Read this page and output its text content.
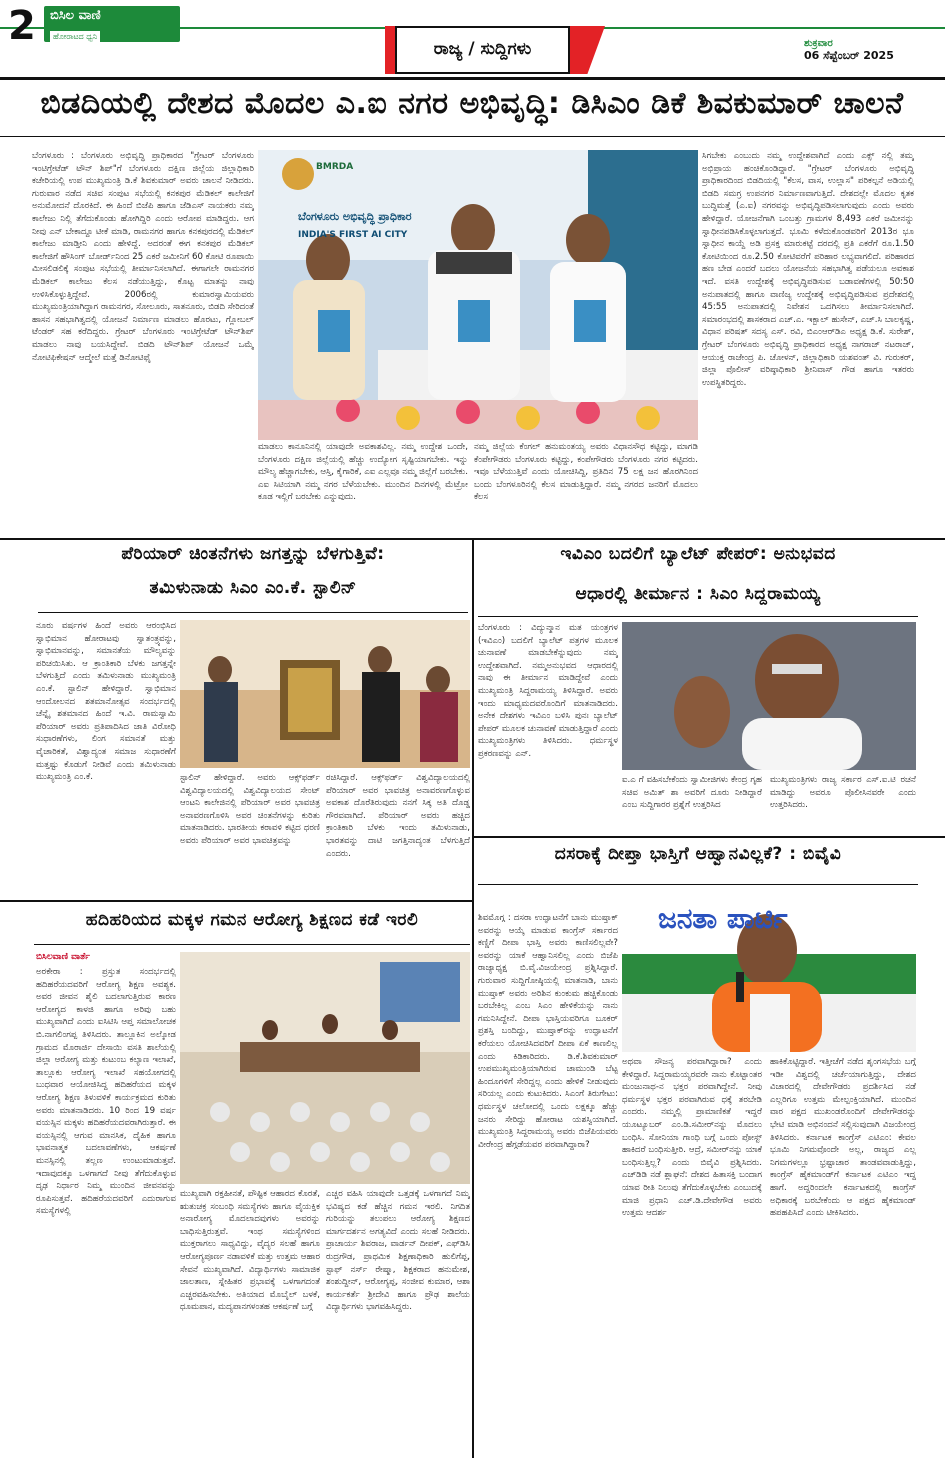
2 ಬಿಸಿಲ ವಾಣಿ
ಹೋರಾಟದ ಧ್ವನಿ
ರಾಜ್ಯ / ಸುದ್ದಿಗಳು	ಶುಕ್ರವಾರ
06 ಸೆಪ್ಟೆಂಬರ್ 2025
ಬಿಡದಿಯಲ್ಲಿ ದೇಶದ ಮೊದಲ ಎ.ಐ ನಗರ ಅಭಿವೃದ್ಧಿ: ಡಿಸಿಎಂ ಡಿಕೆ ಶಿವಕುಮಾರ್ ಚಾಲನೆ
ಬೆಂಗಳೂರು : ಬೆಂಗಳೂರು ಅಭಿವೃದ್ಧಿ ಪ್ರಾಧಿಕಾರದ "ಗ್ರೇಟರ್ ಬೆಂಗಳೂರು ಇಂಟಿಗ್ರೇಟೆಡ್ ಟೌನ್ ಶಿಪ್"ಗೆ ಬೆಂಗಳೂರು ದಕ್ಷಿಣ ಜಿಲ್ಲೆಯ ಜಿಲ್ಲಾಧಿಕಾರಿ ಕಚೇರಿಯಲ್ಲಿ ಉಪ ಮುಖ್ಯಮಂತ್ರಿ ಡಿ.ಕೆ ಶಿವಕುಮಾರ್ ಅವರು ಚಾಲನೆ ನೀಡಿದರು. ಗುರುವಾರ ನಡೆದ ಸಚಿವ ಸಂಪುಟ ಸಭೆಯಲ್ಲಿ ಕನಕಪುರ ಮೆಡಿಕಲ್ ಕಾಲೇಜಿಗೆ ಅನುಮೋದನೆ ದೊರಕಿದೆ. ಈ ಹಿಂದೆ ಬಿಜೆಪಿ ಹಾಗೂ ಜೆಡಿಎಸ್ ನಾಯಕರು ನಮ್ಮ ಕಾಲೇಜು ನಿಲ್ಲಿ ತೆಗೆದುಕೊಂಡು ಹೋಗಿದ್ದಿರಿ ಎಂದು ಆರೋಪ ಮಾಡಿದ್ದರು. ಆಗ ನೀವು ಎನ್ ಬೇಕಾದ್ದೂ ಟೀಕೆ ಮಾಡಿ, ರಾಮನಗರ ಹಾಗೂ ಕನಕಪುರದಲ್ಲಿ ಮೆಡಿಕಲ್ ಕಾಲೇಜು ಮಾಡ್ತೀನಿ ಎಂದು ಹೇಳಿದ್ದೆ. ಅದರಂತೆ ಈಗ ಕನಕಪುರ ಮೆಡಿಕಲ್ ಕಾಲೇಜಿಗೆ ಹೌಸಿಂಗ್ ಬೋರ್ಡ್‌ನಿಂದ 25 ಎಕರೆ ಜಮೀನಿಗೆ 60 ಕೋಟಿ ರೂಪಾಯಿ ಮೀಸಲಿಡಲಿಕ್ಕೆ ಸಂಪುಟ ಸಭೆಯಲ್ಲಿ ತೀರ್ಮಾನಿಸಲಾಗಿದೆ. ಈಗಾಗಲೇ ರಾಮನಗರ ಮೆಡಿಕಲ್ ಕಾಲೇಜು ಕೆಲಸ ನಡೆಯುತ್ತಿದ್ದು, ಕೊಟ್ಟ ಮಾತನ್ನು ನಾವು ಉಳಿಸಿಕೊಳ್ಳುತ್ತಿದ್ದೇವೆ. 2006ರಲ್ಲಿ ಕುಮಾರಸ್ವಾಮಿಯವರು ಮುಖ್ಯಮಂತ್ರಿಯಾಗಿದ್ದಾಗ ರಾಮನಗರ, ಸೋಲೂರು, ಸಾತನೂರು, ಬಿಡದಿ ಸೇರಿದಂತೆ ಹಾಸನ ಸಹಭಾಗಿತ್ವದಲ್ಲಿ ಯೋಜನೆ ನಿರ್ಮಾಣ ಮಾಡಲು ಹೊರಟು, ಗ್ಲೋಬಲ್ ಟೆಂಡರ್ ಸಹ ಕರೆದಿದ್ದರು. ಗ್ರೇಟರ್ ಬೆಂಗಳೂರು ಇಂಟಿಗ್ರೇಟೆಡ್ ಟೌನ್‌ಶಿಪ್ ಮಾಡಲು ನಾವು ಬಯಸಿದ್ದೇವೆ. ಬಿಡದಿ ಟೌನ್‌ಶಿಪ್ ಯೋಜನೆ ಒಮ್ಮೆ ನೋಟಿಫಿಕೇಷನ್ ಆದ್ಮೇಲೆ ಮತ್ತೆ ಡಿನೋಟಿಫೈ
BMRDA
ಬೆಂಗಳೂರು ಅಭಿವೃದ್ಧಿ ಪ್ರಾಧಿಕಾರ
INDIA'S FIRST AI CITY
ಮಾಡಲು ಕಾನೂನಿನಲ್ಲಿ ಯಾವುದೇ ಅವಕಾಶವಿಲ್ಲ. ನಮ್ಮ ಉದ್ದೇಶ ಒಂದೇ, ಬೆಂಗಳೂರು ದಕ್ಷಿಣ ಜಿಲ್ಲೆಯಲ್ಲಿ ಹೆಚ್ಚು ಉದ್ಯೋಗ ಸೃಷ್ಟಿಯಾಗಬೇಕು. ಇನ್ನು ಮೌಲ್ಯ ಹೆಚ್ಚಾಗಬೇಕು, ಆಸ್ತಿ, ಕೈಗಾರಿಕೆ, ಎಐ ಎಲ್ಲವೂ ನಮ್ಮ ಜಿಲ್ಲೆಗೆ ಬರಬೇಕು. ಎಐ ಸಿಟಿಯಾಗಿ ನಮ್ಮ ನಗರ ಬೆಳೆಯಬೇಕು. ಮುಂದಿನ ದಿನಗಳಲ್ಲಿ ಮೆಟ್ರೋ ಕೂಡ ಇಲ್ಲಿಗೆ ಬರಬೇಕು ಎನ್ನುವುದು.
ನಮ್ಮ ಜಿಲ್ಲೆಯ ಕೆಂಗಲ್ ಹನುಮಂತಯ್ಯ ಅವರು ವಿಧಾನಸೌಧ ಕಟ್ಟಿದ್ದು, ಮಾಗಡಿ ಕೆಂಪೇಗೌಡರು ಬೆಂಗಳೂರು ಕಟ್ಟಿದ್ದು, ಕಂಪೇಗೌಡರು ಬೆಂಗಳೂರು ನಗರ ಕಟ್ಟಿದರು. ಇವೂ ಬೆಳೆಯುತ್ತಿವೆ ಎಂದು ಯೋಚಿಸಿದ್ದಿ, ಪ್ರತಿದಿನ 75 ಲಕ್ಷ ಜನ ಹೊರಗಿನಿಂದ ಬಂದು ಬೆಂಗಳೂರಿನಲ್ಲಿ ಕೆಲಸ ಮಾಡುತ್ತಿದ್ದಾರೆ. ನಮ್ಮ ನಗರದ ಜನರಿಗೆ ಮೊದಲು ಕೆಲಸ
ಸಿಗಬೇಕು ಎಂಬುದು ನಮ್ಮ ಉದ್ದೇಶವಾಗಿದೆ ಎಂದು ಎಕ್ಸ್ ನಲ್ಲಿ ತಮ್ಮ ಅಭಿಪ್ರಾಯ ಹಂಚಿಕೊಂಡಿದ್ದಾರೆ. "ಗ್ರೇಟರ್ ಬೆಂಗಳೂರು ಅಭಿವೃದ್ಧಿ ಪ್ರಾಧಿಕಾರದಿಂದ ಬಿಡದಿಯಲ್ಲಿ "ಕೆಲಸ, ವಾಸ, ಉಲ್ಲಾಸ" ಪರಿಕಲ್ಪನೆ ಅಡಿಯಲ್ಲಿ ಬಿಡದಿ ಸಮಗ್ರ ಉಪನಗರ ನಿರ್ಮಾಣವಾಗುತ್ತಿದೆ. ದೇಶದಲ್ಲೇ ಮೊದಲ ಕೃತಕ ಬುದ್ಧಿಮತ್ತೆ (ಎ.ಐ) ನಗರವನ್ನು ಅಭಿವೃದ್ಧಿಪಡಿಸಲಾಗುವುದು ಎಂದು ಅವರು ಹೇಳಿದ್ದಾರೆ. ಯೋಜನೆಗಾಗಿ ಒಂಬತ್ತು ಗ್ರಾಮಗಳ 8,493 ಎಕರೆ ಜಮೀನನ್ನು ಸ್ವಾಧೀನಪಡಿಸಿಕೊಳ್ಳಲಾಗುತ್ತದೆ. ಭೂಮಿ ಕಳೆದುಕೊಂಡವರಿಗೆ 2013ರ ಭೂ ಸ್ವಾಧೀನ ಕಾಯ್ದೆ ಅಡಿ ಪ್ರಸಕ್ತ ಮಾರುಕಟ್ಟೆ ದರದಲ್ಲಿ ಪ್ರತಿ ಎಕರೆಗೆ ರೂ.1.50 ಕೋಟಿಯಿಂದ ರೂ.2.50 ಕೋಟಿವರೆಗೆ ಪರಿಹಾರ ಲಭ್ಯವಾಗಲಿದೆ. ಪರಿಹಾರದ ಹಣ ಬೇಡ ಎಂದರೆ ಬದಲು ಯೋಜನೆಯ ಸಹಭಾಗಿತ್ವ ಪಡೆಯಲೂ ಅವಕಾಶ ಇದೆ. ವಸತಿ ಉದ್ದೇಶಕ್ಕೆ ಅಭಿವೃದ್ಧಿಪಡಿಸುವ ಬಡಾವಣೆಗಳಲ್ಲಿ 50:50 ಅನುಪಾತದಲ್ಲಿ ಹಾಗೂ ವಾಣಿಜ್ಯ ಉದ್ದೇಶಕ್ಕೆ ಅಭಿವೃದ್ಧಿಪಡಿಸುವ ಪ್ರದೇಶದಲ್ಲಿ 45:55 ಅನುಪಾತದಲ್ಲಿ ನಿವೇಶನ ಒದಗಿಸಲು ತೀರ್ಮಾನಿಸಲಾಗಿದೆ. ಸಮಾರಂಭದಲ್ಲಿ ಶಾಸಕರಾದ ಎಚ್.ಎ. ಇಕ್ಬಾಲ್ ಹುಸೇನ್, ಎಚ್.ಸಿ ಬಾಲಕೃಷ್ಣ, ವಿಧಾನ ಪರಿಷತ್ ಸದಸ್ಯ ಎಸ್. ರವಿ, ಬಿಎಂಆರ್‌ಡಿಎ ಅಧ್ಯಕ್ಷ ಡಿ.ಕೆ. ಸುರೇಶ್, ಗ್ರೇಟರ್ ಬೆಂಗಳೂರು ಅಭಿವೃದ್ಧಿ ಪ್ರಾಧಿಕಾರದ ಅಧ್ಯಕ್ಷ ನಾಗರಾಜ್ ನಟರಾಜ್, ಆಯುಕ್ತ ರಾಜೇಂದ್ರ ಪಿ. ಚೋಳನ್, ಜಿಲ್ಲಾಧಿಕಾರಿ ಯಶವಂತ್ ವಿ. ಗುರುಕರ್, ಜಿಲ್ಲಾ ಪೊಲೀಸ್ ವರಿಷ್ಠಾಧಿಕಾರಿ ಶ್ರೀನಿವಾಸ್ ಗೌಡ ಹಾಗೂ ಇತರರು ಉಪಸ್ಥಿತರಿದ್ದರು.
ಪೆರಿಯಾರ್ ಚಿಂತನೆಗಳು ಜಗತ್ತನ್ನು ಬೆಳಗುತ್ತಿವೆ:
ತಮಿಳುನಾಡು ಸಿಎಂ ಎಂ.ಕೆ. ಸ್ಟಾಲಿನ್
ನೂರು ವರ್ಷಗಳ ಹಿಂದೆ ಅವರು ಆರಂಭಿಸಿದ ಸ್ವಾಭಿಮಾನ ಹೋರಾಟವು ಸ್ವಾತಂತ್ರ್ಯವನ್ನು, ಸ್ವಾಭಿಮಾನವನ್ನು, ಸಮಾನತೆಯ ಮೌಲ್ಯವನ್ನು ಪರಿಚಯಿಸಿತು. ಆ ಕ್ರಾಂತಿಕಾರಿ ಬೆಳಕು ಜಗತ್ತನ್ನೇ ಬೆಳಗುತ್ತಿದೆ ಎಂದು ತಮಿಳುನಾಡು ಮುಖ್ಯಮಂತ್ರಿ ಎಂ.ಕೆ. ಸ್ಟಾಲಿನ್ ಹೇಳಿದ್ದಾರೆ. ಸ್ವಾಭಿಮಾನ ಆಂದೋಲನದ ಶತಮಾನೋತ್ಸವ ಸಂದರ್ಭದಲ್ಲಿ ಚೆನ್ನೈ ಶತಮಾನದ ಹಿಂದೆ ಇ.ವಿ. ರಾಮಸ್ವಾಮಿ ಪೆರಿಯಾರ್ ಅವರು ಪ್ರತಿಪಾದಿಸಿದ ಜಾತಿ ವಿರೋಧಿ ಸುಧಾರಣೆಗಳು, ಲಿಂಗ ಸಮಾನತೆ ಮತ್ತು ವೈಚಾರಿಕತೆ, ವಿಶ್ವಾದ್ಯಂತ ಸಮಾಜ ಸುಧಾರಣೆಗೆ ಮತ್ತಷ್ಟು ಕೊಡುಗೆ ನೀಡಿವೆ ಎಂದು ತಮಿಳುನಾಡು ಮುಖ್ಯಮಂತ್ರಿ ಎಂ.ಕೆ.	ಸ್ಟಾಲಿನ್ ಹೇಳಿದ್ದಾರೆ. ಅವರು ಆಕ್ಸ್‌ಫರ್ಡ್ ವಿಶ್ವವಿದ್ಯಾಲಯದಲ್ಲಿ ವಿಶ್ವವಿದ್ಯಾಲಯದ ಸೇಂಟ್ ಆಂಟನಿ ಕಾಲೇಜಿನಲ್ಲಿ ಪೆರಿಯಾರ್ ಅವರ ಭಾವಚಿತ್ರ ಅನಾವರಣಗೊಳಿಸಿ ಅವರ ಚಿಂತನೆಗಳನ್ನು ಕುರಿತು ಮಾತನಾಡಿದರು. ಭಾರತೀಯ ಕರಾವಳಿ ಕಟ್ಟಿದ ಧರಣಿ ಅವರು ಪೆರಿಯಾರ್ ಅವರ ಭಾವಚಿತ್ರವನ್ನು
ರಚಿಸಿದ್ದಾರೆ. ಆಕ್ಸ್‌ಫರ್ಡ್ ವಿಶ್ವವಿದ್ಯಾಲಯದಲ್ಲಿ ಪೆರಿಯಾರ್ ಅವರ ಭಾವಚಿತ್ರ ಅನಾವರಣಗೊಳ್ಳುವ ಅವಕಾಶ ದೊರೆತಿರುವುದು ನನಗೆ ಸಿಕ್ಕ ಅತಿ ದೊಡ್ಡ ಗೌರವವಾಗಿದೆ. ಪೆರಿಯಾರ್ ಅವರು ಹಚ್ಚಿದ ಕ್ರಾಂತಿಕಾರಿ ಬೆಳಕು ಇಂದು ತಮಿಳುನಾಡು, ಭಾರತವನ್ನು ದಾಟಿ ಜಗತ್ತಿನಾದ್ಯಂತ ಬೆಳಗುತ್ತಿದೆ ಎಂದರು.
ಇವಿಎಂ ಬದಲಿಗೆ ಬ್ಯಾಲೆಟ್ ಪೇಪರ್: ಅನುಭವದ
ಆಧಾರಲ್ಲಿ ತೀರ್ಮಾನ : ಸಿಎಂ ಸಿದ್ದರಾಮಯ್ಯ
ಬೆಂಗಳೂರು : ವಿದ್ಯುನ್ಮಾನ ಮತ ಯಂತ್ರಗಳ (ಇವಿಎಂ) ಬದಲಿಗೆ ಬ್ಯಾಲೆಟ್ ಪತ್ರಗಳ ಮೂಲಕ ಚುನಾವಣೆ ಮಾಡಬೇಕೆನ್ನುವುದು ನಮ್ಮ ಉದ್ದೇಶವಾಗಿದೆ. ನಮ್ಮಅನುಭವದ ಆಧಾರದಲ್ಲಿ ನಾವು ಈ ತೀರ್ಮಾನ ಮಾಡಿದ್ದೇವೆ ಎಂದು ಮುಖ್ಯಮಂತ್ರಿ ಸಿದ್ದರಾಮಯ್ಯ ತಿಳಿಸಿದ್ದಾರೆ. ಅವರು ಇಂದು ಮಾಧ್ಯಮದವರೊಂದಿಗೆ ಮಾತನಾಡಿದರು. ಅನೇಕ ದೇಶಗಳು ಇವಿಎಂ ಬಳಿಸಿ ಪುನಃ ಬ್ಯಾಲೆಟ್ ಪೇಪರ್ ಮೂಲಕ ಚುನಾವಣೆ ಮಾಡುತ್ತಿದ್ದಾರೆ ಎಂದು ಮುಖ್ಯಮಂತ್ರಿಗಳು ತಿಳಿಸಿದರು. ಧರ್ಮಸ್ಥಳ ಪ್ರಕರಣವನ್ನು ಎನ್.
ಐ.ಎ ಗೆ ವಹಿಸಬೇಕೆಂದು ಸ್ವಾಮೀಜಿಗಳು ಕೇಂದ್ರ ಗೃಹ ಸಚಿವ ಅಮಿತ್ ಶಾ ಅವರಿಗೆ ದೂರು ನೀಡಿದ್ದಾರೆ ಎಂಬ ಸುದ್ದಿಗಾರರ ಪ್ರಶ್ನೆಗೆ ಉತ್ತರಿಸಿದ
ಮುಖ್ಯಮಂತ್ರಿಗಳು ರಾಜ್ಯ ಸರ್ಕಾರ ಎಸ್.ಐ.ಟಿ ರಚನೆ ಮಾಡಿದ್ದು ಅವರೂ ಪೊಲೀಸಿನವರೇ ಎಂದು ಉತ್ತರಿಸಿದರು.
ದಸರಾಕ್ಕೆ ದೀಪ್ತಾ ಭಾಸ್ತಿಗೆ ಆಹ್ವಾನವಿಲ್ಲಕೆ? : ಬಿವೈವಿ
ಶಿವಮೊಗ್ಗ : ದಸರಾ ಉದ್ಘಾಟನೆಗೆ ಬಾನು ಮುಷ್ತಾಕ್ ಅವರನ್ನು ಆಯ್ಕೆ ಮಾಡುವ ಕಾಂಗ್ರೆಸ್ ಸರ್ಕಾರದ ಕಣ್ಣಿಗೆ ದೀಪಾ ಭಾಸ್ತಿ ಅವರು ಕಾಣಿಸಲಿಲ್ಲವೇ? ಅವರನ್ನು ಯಾಕೆ ಆಹ್ವಾನಿಸಲಿಲ್ಲ ಎಂದು ಬಿಜೆಪಿ ರಾಜ್ಯಾಧ್ಯಕ್ಷ ಬಿ.ವೈ.ವಿಜಯೇಂದ್ರ ಪ್ರಶ್ನಿಸಿದ್ದಾರೆ. ಗುರುವಾರ ಸುದ್ದಿಗೋಷ್ಠಿಯಲ್ಲಿ ಮಾತನಾಡಿ, ಬಾನು ಮುಷ್ತಾಕ್ ಅವರು ಅರಿಶಿನ ಕುಂಕುಮ ಹಚ್ಚಿಕೊಂಡು ಬರಬೇಕಿಲ್ಲ ಎಂಬ ಸಿಎಂ ಹೇಳಿಕೆಯನ್ನು ನಾನು ಗಮನಿಸಿದ್ದೇನೆ. ದೀಪಾ ಭಾಸ್ತಿಯವರಿಗೂ ಬೂಕರ್ ಪ್ರಶಸ್ತಿ ಬಂದಿದ್ದು, ಮುಷ್ತಾಕ್‌ರನ್ನು ಉದ್ಘಾಟನೆಗೆ ಕರೆಯಲು ಯೋಚಿಸಿದವರಿಗೆ ದೀಪಾ ಏಕೆ ಕಾಣಲಿಲ್ಲ ಎಂದು ಕಿಡಿಕಾರಿದರು. ಡಿ.ಕೆ.ಶಿವಕುಮಾರ್ ಉಪಮುಖ್ಯಮಂತ್ರಿಯಾಗಿರುವ ಚಾಮುಂಡಿ ಬೆಟ್ಟ ಹಿಂದೂಗಳಿಗೆ ಸೇರಿದ್ದಲ್ಲ ಎಂದು ಹೇಳಿಕೆ ನೀಡುವುದು ಸರಿಯಲ್ಲ ಎಂದು ಕುಟುಕಿದರು. ಸಿಎಂಗೆ ತಿರುಗೇಟು: ಧರ್ಮಸ್ಥಳ ಚಲೋದಲ್ಲಿ ಒಂದು ಲಕ್ಷಕ್ಕೂ ಹೆಚ್ಚು ಜನರು ಸೇರಿದ್ದು ಹೋರಾಟ ಯಶಸ್ವಿಯಾಗಿದೆ. ಮುಖ್ಯಮಂತ್ರಿ ಸಿದ್ದರಾಮಯ್ಯ ಅವರು ಬಿಜೆಪಿಯವರು ವೀರೇಂದ್ರ ಹೆಗ್ಗಡೆಯವರ ಪರವಾಗಿದ್ದಾರಾ?
ಜನತಾ ಪಾರ್ಟಿ
ಅಥವಾ ಸೌಜನ್ಯ ಪರವಾಗಿದ್ದಾರಾ? ಎಂದು ಕೇಳಿದ್ದಾರೆ. ಸಿದ್ದರಾಮಯ್ಯರವರೇ ನಾನು ಕೊಟ್ಟಾಂತರ ಮಂಜುನಾಥ-ನ ಭಕ್ತರ ಪರವಾಗಿದ್ದೇನೆ. ನೀವು ಧರ್ಮಸ್ಥಳ ಭಕ್ತರ ಪರವಾಗಿರುವ ಧಕ್ಕೆ ತರಬೇಡಿ ಎಂದರು. ನಮ್ಮಲ್ಲಿ ಪ್ರಾಮಾಣಿಕತೆ ಇದ್ದರೆ ಯೂಟ್ಯೂಬರ್ ಎಂ.ಡಿ.ಸಮೀರ್‌ನನ್ನು ಮೊದಲು ಬಂಧಿಸಿ. ಸೋನಿಯಾ ಗಾಂಧಿ ಬಗ್ಗೆ ಒಂದು ಪೋಸ್ಟ್ ಹಾಕಿದರೆ ಬಂಧಿಸುತ್ತೀರಿ. ಆದ್ರೆ, ಸಮೀರ್‌ನನ್ನು ಯಾಕೆ ಬಂಧಿಸುತ್ತಿಲ್ಲ? ಎಂದು ಬಿವೈವಿ ಪ್ರಶ್ನಿಸಿದರು. ಎಚ್‌ಡಿಡಿ ನಡೆ ಶ್ಲಾಘನೆ: ದೇಶದ ಹಿತಾಸಕ್ತಿ ಬಂದಾಗ ಯಾವ ರೀತಿ ನಿಲುವು ತೆಗೆದುಕೊಳ್ಳಬೇಕು ಎಂಬುದಕ್ಕೆ ಮಾಜಿ ಪ್ರಧಾನಿ ಎಚ್.ಡಿ.ದೇವೇಗೌಡ ಅವರು ಉತ್ತಮ ಆದರ್ಶ
ಹಾಕಿಕೊಟ್ಟಿದ್ದಾರೆ. ಇತ್ತೀಚೆಗೆ ನಡೆದ ಶೃಂಗಸಭೆಯ ಬಗ್ಗೆ ಇಡೀ ವಿಶ್ವದಲ್ಲಿ ಚರ್ಚೆಯಾಗುತ್ತಿದ್ದು, ದೇಶದ ವಿಚಾರದಲ್ಲಿ ದೇವೇಗೌಡರು ಪ್ರದರ್ಶಿಸಿದ ನಡೆ ಎಲ್ಲರಿಗೂ ಉತ್ತಮ ಮೇಲ್ಪಂಕ್ತಿಯಾಗಿದೆ. ಮುಂದಿನ ವಾರ ಪಕ್ಷದ ಮುಖಂಡರೊಂದಿಗೆ ದೇವೇಗೌಡರನ್ನು ಭೇಟಿ ಮಾಡಿ ಅಭಿನಂದನೆ ಸಲ್ಲಿಸುವುದಾಗಿ ವಿಜಯೇಂದ್ರ ತಿಳಿಸಿದರು. ಕರ್ನಾಟಕ ಕಾಂಗ್ರೆಸ್ ಎಟಿಎಂ: ಕೇವಲ ಭೂಮಿ ನಿಗಮವೊಂದೇ ಅಲ್ಲ, ರಾಜ್ಯದ ಎಲ್ಲ ನಿಗಮಗಳಲ್ಲೂ ಭ್ರಷ್ಟಾಚಾರ ತಾಂಡವವಾಡುತ್ತಿದ್ದು, ಕಾಂಗ್ರೆಸ್ ಹೈಕಮಾಂಡ್‌ಗೆ ಕರ್ನಾಟಕ ಎಟಿಎಂ ಇದ್ದ ಹಾಗೆ. ಅದ್ದರಿಂದಲೇ ಕರ್ನಾಟಕದಲ್ಲಿ ಕಾಂಗ್ರೆಸ್ ಅಧಿಕಾರಕ್ಕೆ ಬರಬೇಕೆಂದು ಆ ಪಕ್ಷದ ಹೈಕಮಾಂಡ್ ಹಪಹಪಿಸಿದೆ ಎಂದು ಟೀಕಿಸಿದರು.
ಹದಿಹರಿಯದ ಮಕ್ಕಳ ಗಮನ ಆರೋಗ್ಯ ಶಿಕ್ಷಣದ ಕಡೆ ಇರಲಿ
ಬಿಸಿಲವಾಣಿ ವಾರ್ತೆ
ಅರಕೇರಾ : ಪ್ರಸ್ತುತ ಸಂದರ್ಭದಲ್ಲಿ ಹದಿಹರೆಯದವರಿಗೆ ಆರೋಗ್ಯ ಶಿಕ್ಷಣ ಅವಶ್ಯಕ. ಅವರ ಜೀವನ ಶೈಲಿ ಬದಲಾಗುತ್ತಿರುವ ಕಾರಣ ಆರೋಗ್ಯದ ಕಾಳಜಿ ಹಾಗೂ ಅರಿವು ಬಹು ಮುಖ್ಯವಾಗಿದೆ ಎಂದು ಐಸಿಟಿಸಿ ಆಪ್ತ ಸಮಾಲೋಚಕ ಬಿ.ನಾಗಲಿಂಗಪ್ಪ ತಿಳಿಸಿದರು. ತಾಲ್ಲೂಕಿನ ಅಲ್ಕೋಡ ಗ್ರಾಮದ ಮೊರಾರ್ಜಿ ದೇಸಾಯಿ ವಸತಿ ಶಾಲೆಯಲ್ಲಿ ಜಿಲ್ಲಾ ಆರೋಗ್ಯ ಮತ್ತು ಕುಟುಂಬ ಕಲ್ಯಾಣ ಇಲಾಖೆ, ತಾಲ್ಲೂಕು ಆರೋಗ್ಯ ಇಲಾಖೆ ಸಹಯೋಗದಲ್ಲಿ ಬುಧವಾರ ಆಯೋಜಿಸಿದ್ದ ಹದಿಹರೆಯದ ಮಕ್ಕಳ ಆರೋಗ್ಯ ಶಿಕ್ಷಣ ತಿಳುವಳಿಕೆ ಕಾರ್ಯಕ್ರಮದ ಕುರಿತು ಅವರು ಮಾತನಾಡಿದರು. 10 ರಿಂದ 19 ವರ್ಷ ವಯಸ್ಸಿನ ಮಕ್ಕಳು ಹದಿಹರೆಯದವರಾಗಿರುತ್ತಾರೆ. ಈ ವಯಸ್ಸಿನಲ್ಲಿ ಆಗುವ ಮಾನಸಿಕ, ದೈಹಿಕ ಹಾಗೂ ಭಾವನಾತ್ಮಕ ಬದಲಾವಣೆಗಳು, ಆಕರ್ಷಣೆ ಮನಸ್ಸಿನಲ್ಲಿ ತಲ್ಲಣ ಉಂಟುಮಾಡುತ್ತವೆ. ಇದಾವುದಕ್ಕೂ ಒಳಗಾಗದೆ ನೀವು ತೆಗೆದುಕೊಳ್ಳುವ ದೃಢ ನಿರ್ಧಾರ ನಿಮ್ಮ ಮುಂದಿನ ಜೀವನವನ್ನು ರೂಪಿಸುತ್ತವೆ. ಹದಿಹರೆಯದವರಿಗೆ ಎದುರಾಗುವ ಸಮಸ್ಯೆಗಳಲ್ಲಿ
ಮುಖ್ಯವಾಗಿ ರಕ್ತಹೀನತೆ, ಪೌಷ್ಟಿಕ ಆಹಾರದ ಕೊರತೆ, ಋತುಚಕ್ರ ಸಂಬಂಧಿ ಸಮಸ್ಯೆಗಳು ಹಾಗೂ ವೈಯಕ್ತಿಕ ಅನಾರೋಗ್ಯ ಮೊದಲಾದವುಗಳು ಅವರನ್ನು ಬಾಧಿಸುತ್ತಿರುತ್ತವೆ. ಇಂಥ ಸಮಸ್ಯೆಗಳಿಂದ ಮುಕ್ತರಾಗಲು ಸಾಧ್ಯವಿದ್ದು, ವೈದ್ಯರ ಸಲಹೆ ಹಾಗೂ ಆರೋಗ್ಯಪೂರ್ಣ ನಡಾವಳಿಕೆ ಮತ್ತು ಉತ್ತಮ ಆಹಾರ ಸೇವನೆ ಮುಖ್ಯವಾಗಿದೆ. ವಿದ್ಯಾರ್ಥಿಗಳು ಸಾಮಾಜಿಕ ಜಾಲತಾಣ, ಸ್ನೇಹಿತರ ಪ್ರಭಾವಕ್ಕೆ ಒಳಗಾಗದಂತೆ ಎಚ್ಚರವಹಿಸಬೇಕು. ಅತಿಯಾದ ಮೊಬೈಲ್ ಬಳಕೆ, ಧೂಮಪಾನ, ಮದ್ಯಪಾನಗಳಂತಹ ಆಕರ್ಷಣೆ ಬಗ್ಗೆ
ಎಚ್ಚರ ವಹಿಸಿ ಯಾವುದೇ ಒತ್ತಡಕ್ಕೆ ಒಳಗಾಗದೆ ನಿಮ್ಮ ಭವಿಷ್ಯದ ಕಡೆ ಹೆಚ್ಚಿನ ಗಮನ ಇರಲಿ. ನಿಗದಿತ ಗುರಿಯನ್ನು ತಲುಪಲು ಆರೋಗ್ಯ ಶಿಕ್ಷಣದ ಮಾರ್ಗದರ್ಶನ ಅಗತ್ಯವಿದೆ ಎಂದು ಸಲಹೆ ನೀಡಿದರು. ಪ್ರಾಚಾರ್ಯ ಶಿವರಾಜ, ವಾರ್ಡನ್ ದೀಪಕ್, ಎಫ್‌ಡಿಸಿ ರುದ್ರಗೌಡ, ಪ್ರಾಥಮಿಕ ಶಿಕ್ಷಣಾಧಿಕಾರಿ ಹುಲಿಗೆಪ್ಪ, ಸ್ಟಾಫ್ ನರ್ಸ್ ರೇಷ್ಮಾ, ಶಿಕ್ಷಕರಾದ ಹನುಮೇಶ, ಶಂಶುದ್ದೀನ್, ಆರೋಗ್ಯಪ್ಪ, ಸಂಜೀವ ಕುಮಾರ, ಆಶಾ ಕಾರ್ಯಕರ್ತೆ ಶ್ರೀದೇವಿ ಹಾಗೂ ಪ್ರೌಢ ಶಾಲೆಯ ವಿದ್ಯಾರ್ಥಿಗಳು ಭಾಗವಹಿಸಿದ್ದರು.
